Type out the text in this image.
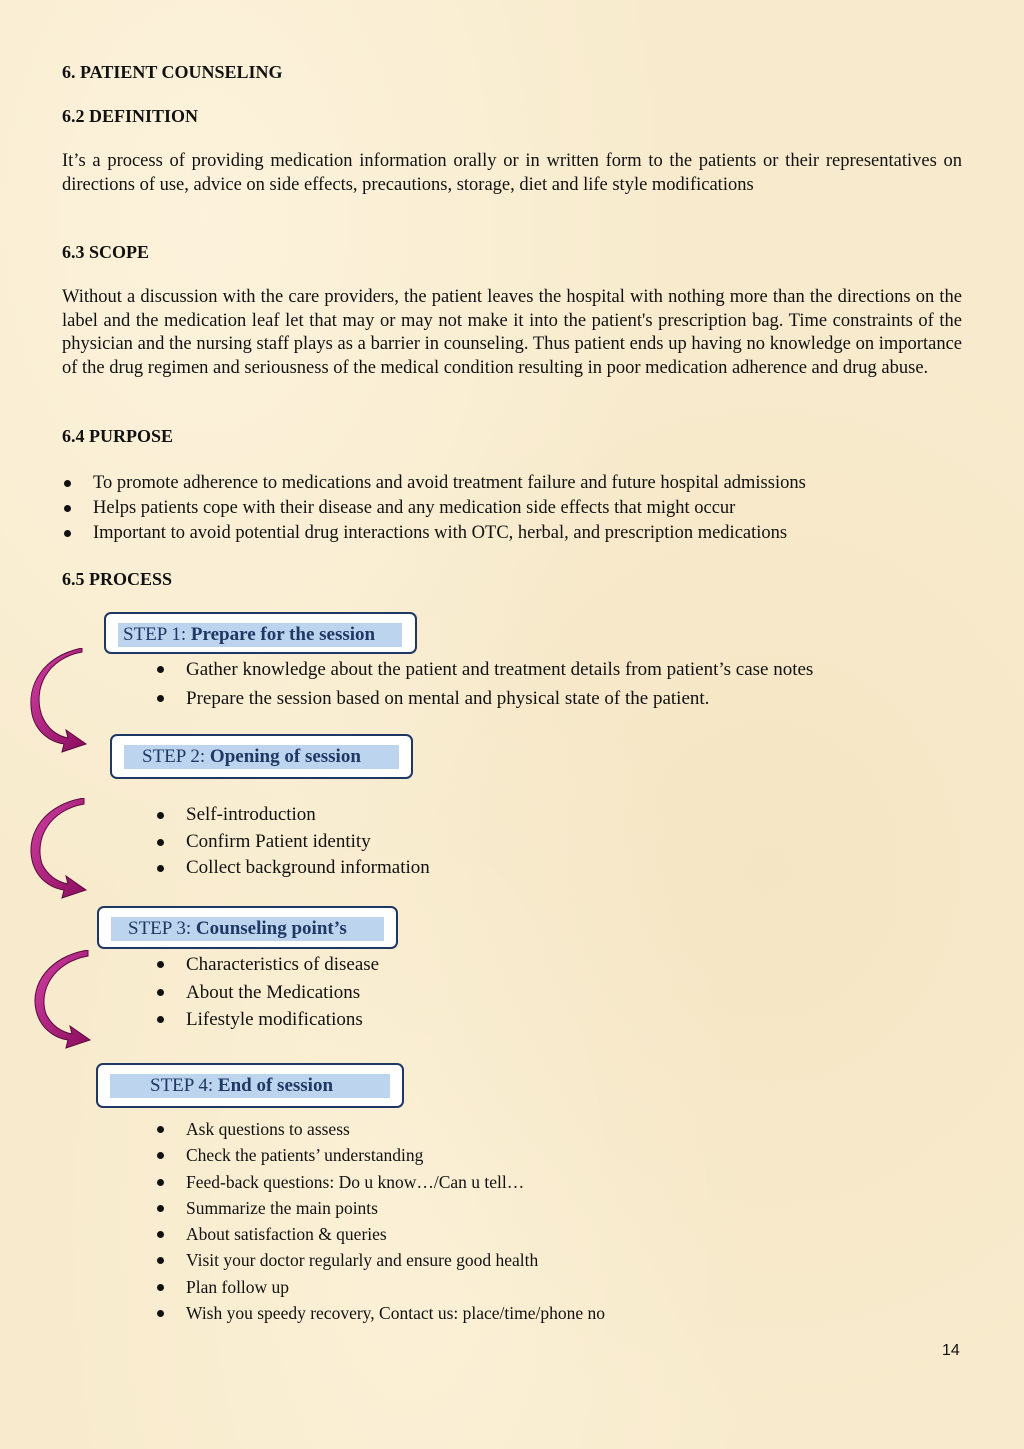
6. PATIENT COUNSELING
6.2 DEFINITION
It’s a process of providing medication information orally or in written form to the patients or their representatives on directions of use, advice on side effects, precautions, storage, diet and life style modifications
6.3 SCOPE
Without a discussion with the care providers, the patient leaves the hospital with nothing more than the directions on the label and the medication leaf let that may or may not make it into the patient's prescription bag. Time constraints of the physician and the nursing staff plays as a barrier in counseling. Thus patient ends up having no knowledge on importance of the drug regimen and seriousness of the medical condition resulting in poor medication adherence and drug abuse.
6.4 PURPOSE
To promote adherence to medications and avoid treatment failure and future hospital admissions
Helps patients cope with their disease and any medication side effects that might occur
Important to avoid potential drug interactions with OTC, herbal, and prescription medications
6.5 PROCESS
STEP 1: Prepare for the session
Gather knowledge about the patient and treatment details from patient’s case notes
Prepare the session based on mental and physical state of the patient.
STEP 2: Opening of session
Self-introduction
Confirm Patient identity
Collect background information
STEP 3: Counseling point’s
Characteristics of disease
About the Medications
Lifestyle modifications
STEP 4: End of session
Ask questions to assess
Check the patients’ understanding
Feed-back questions: Do u know…/Can u tell…
Summarize the main points
About satisfaction & queries
Visit your doctor regularly and ensure good health
Plan follow up
Wish you speedy recovery, Contact us: place/time/phone no
14
